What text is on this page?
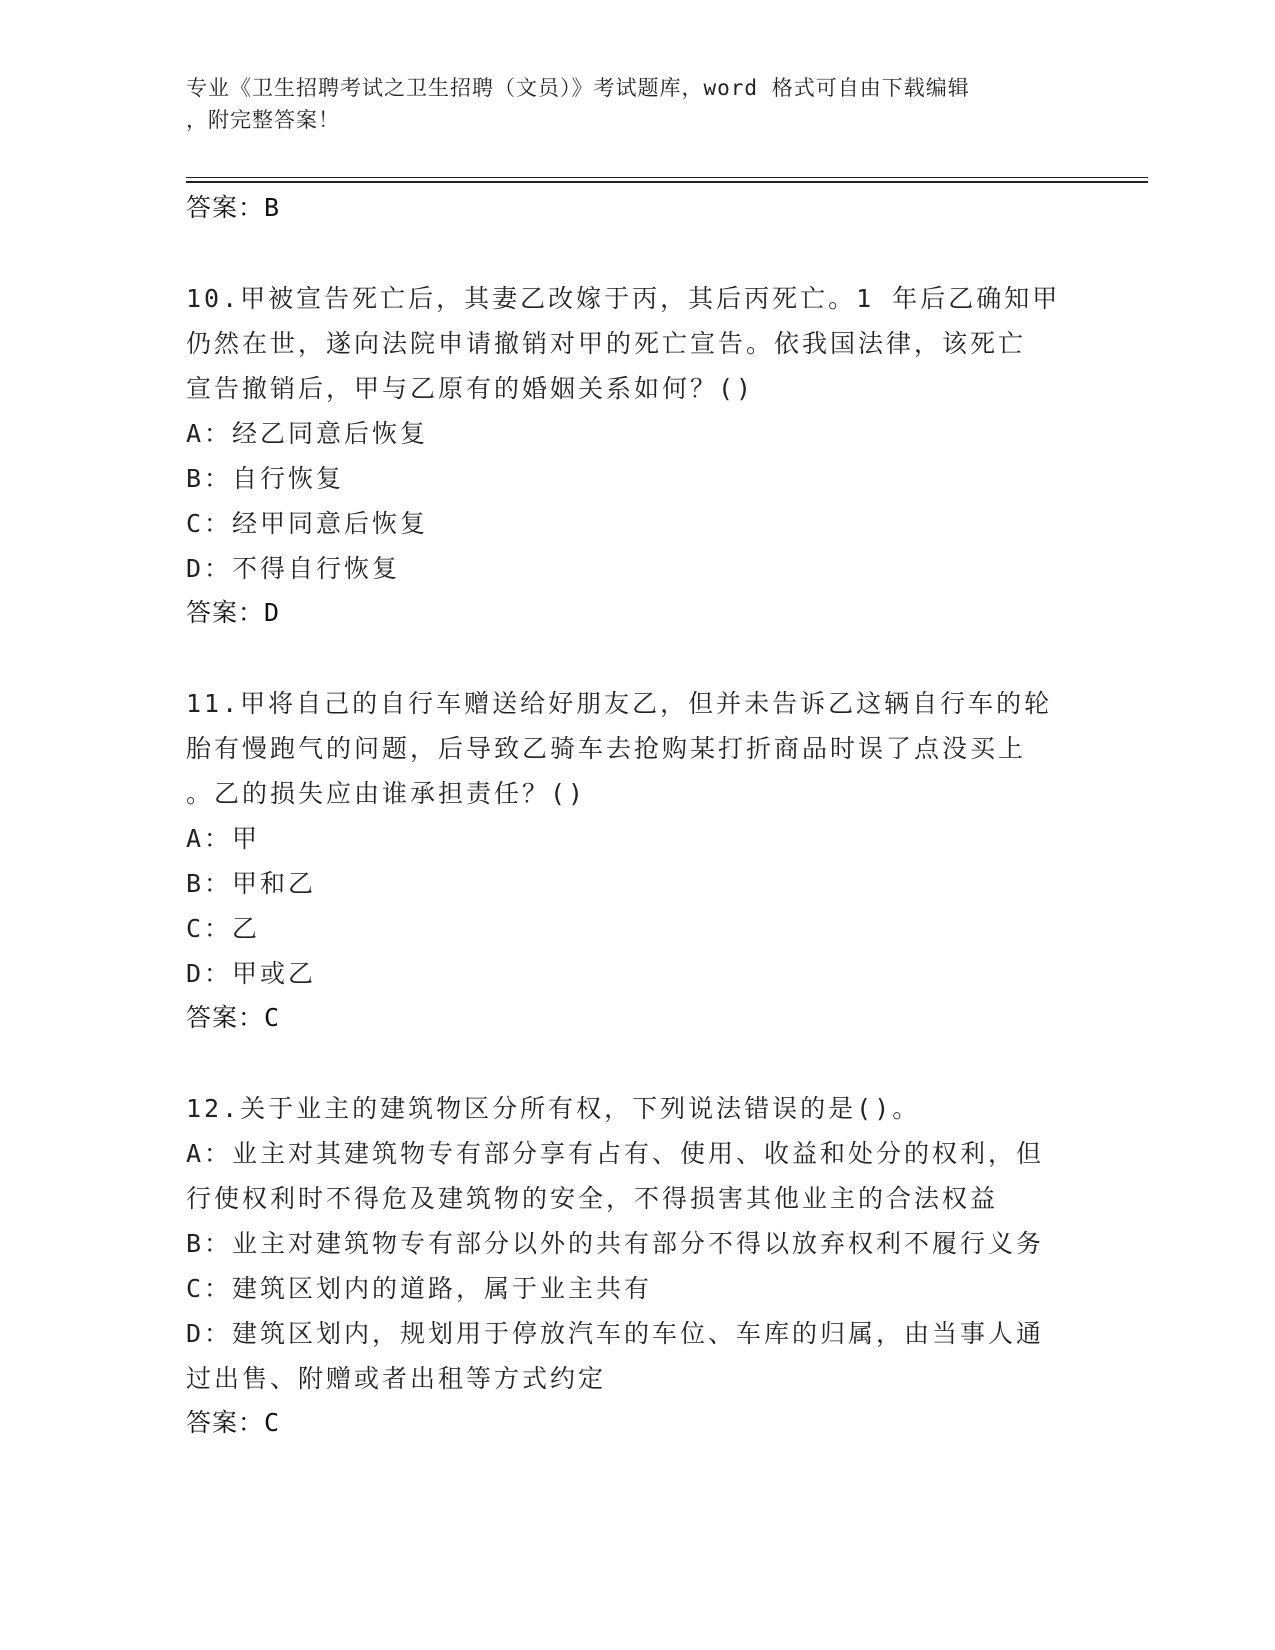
专业《卫生招聘考试之卫生招聘（文员）》考试题库，word 格式可自由下载编辑
，附完整答案！
答案：B
10.甲被宣告死亡后，其妻乙改嫁于丙，其后丙死亡。1 年后乙确知甲
仍然在世，遂向法院申请撤销对甲的死亡宣告。依我国法律，该死亡
宣告撤销后，甲与乙原有的婚姻关系如何？()
A：经乙同意后恢复
B：自行恢复
C：经甲同意后恢复
D：不得自行恢复
答案：D
11.甲将自己的自行车赠送给好朋友乙，但并未告诉乙这辆自行车的轮
胎有慢跑气的问题，后导致乙骑车去抢购某打折商品时误了点没买上
。乙的损失应由谁承担责任？()
A：甲
B：甲和乙
C：乙
D：甲或乙
答案：C
12.关于业主的建筑物区分所有权，下列说法错误的是()。
A：业主对其建筑物专有部分享有占有、使用、收益和处分的权利，但
行使权利时不得危及建筑物的安全，不得损害其他业主的合法权益
B：业主对建筑物专有部分以外的共有部分不得以放弃权利不履行义务
C：建筑区划内的道路，属于业主共有
D：建筑区划内，规划用于停放汽车的车位、车库的归属，由当事人通
过出售、附赠或者出租等方式约定
答案：C
